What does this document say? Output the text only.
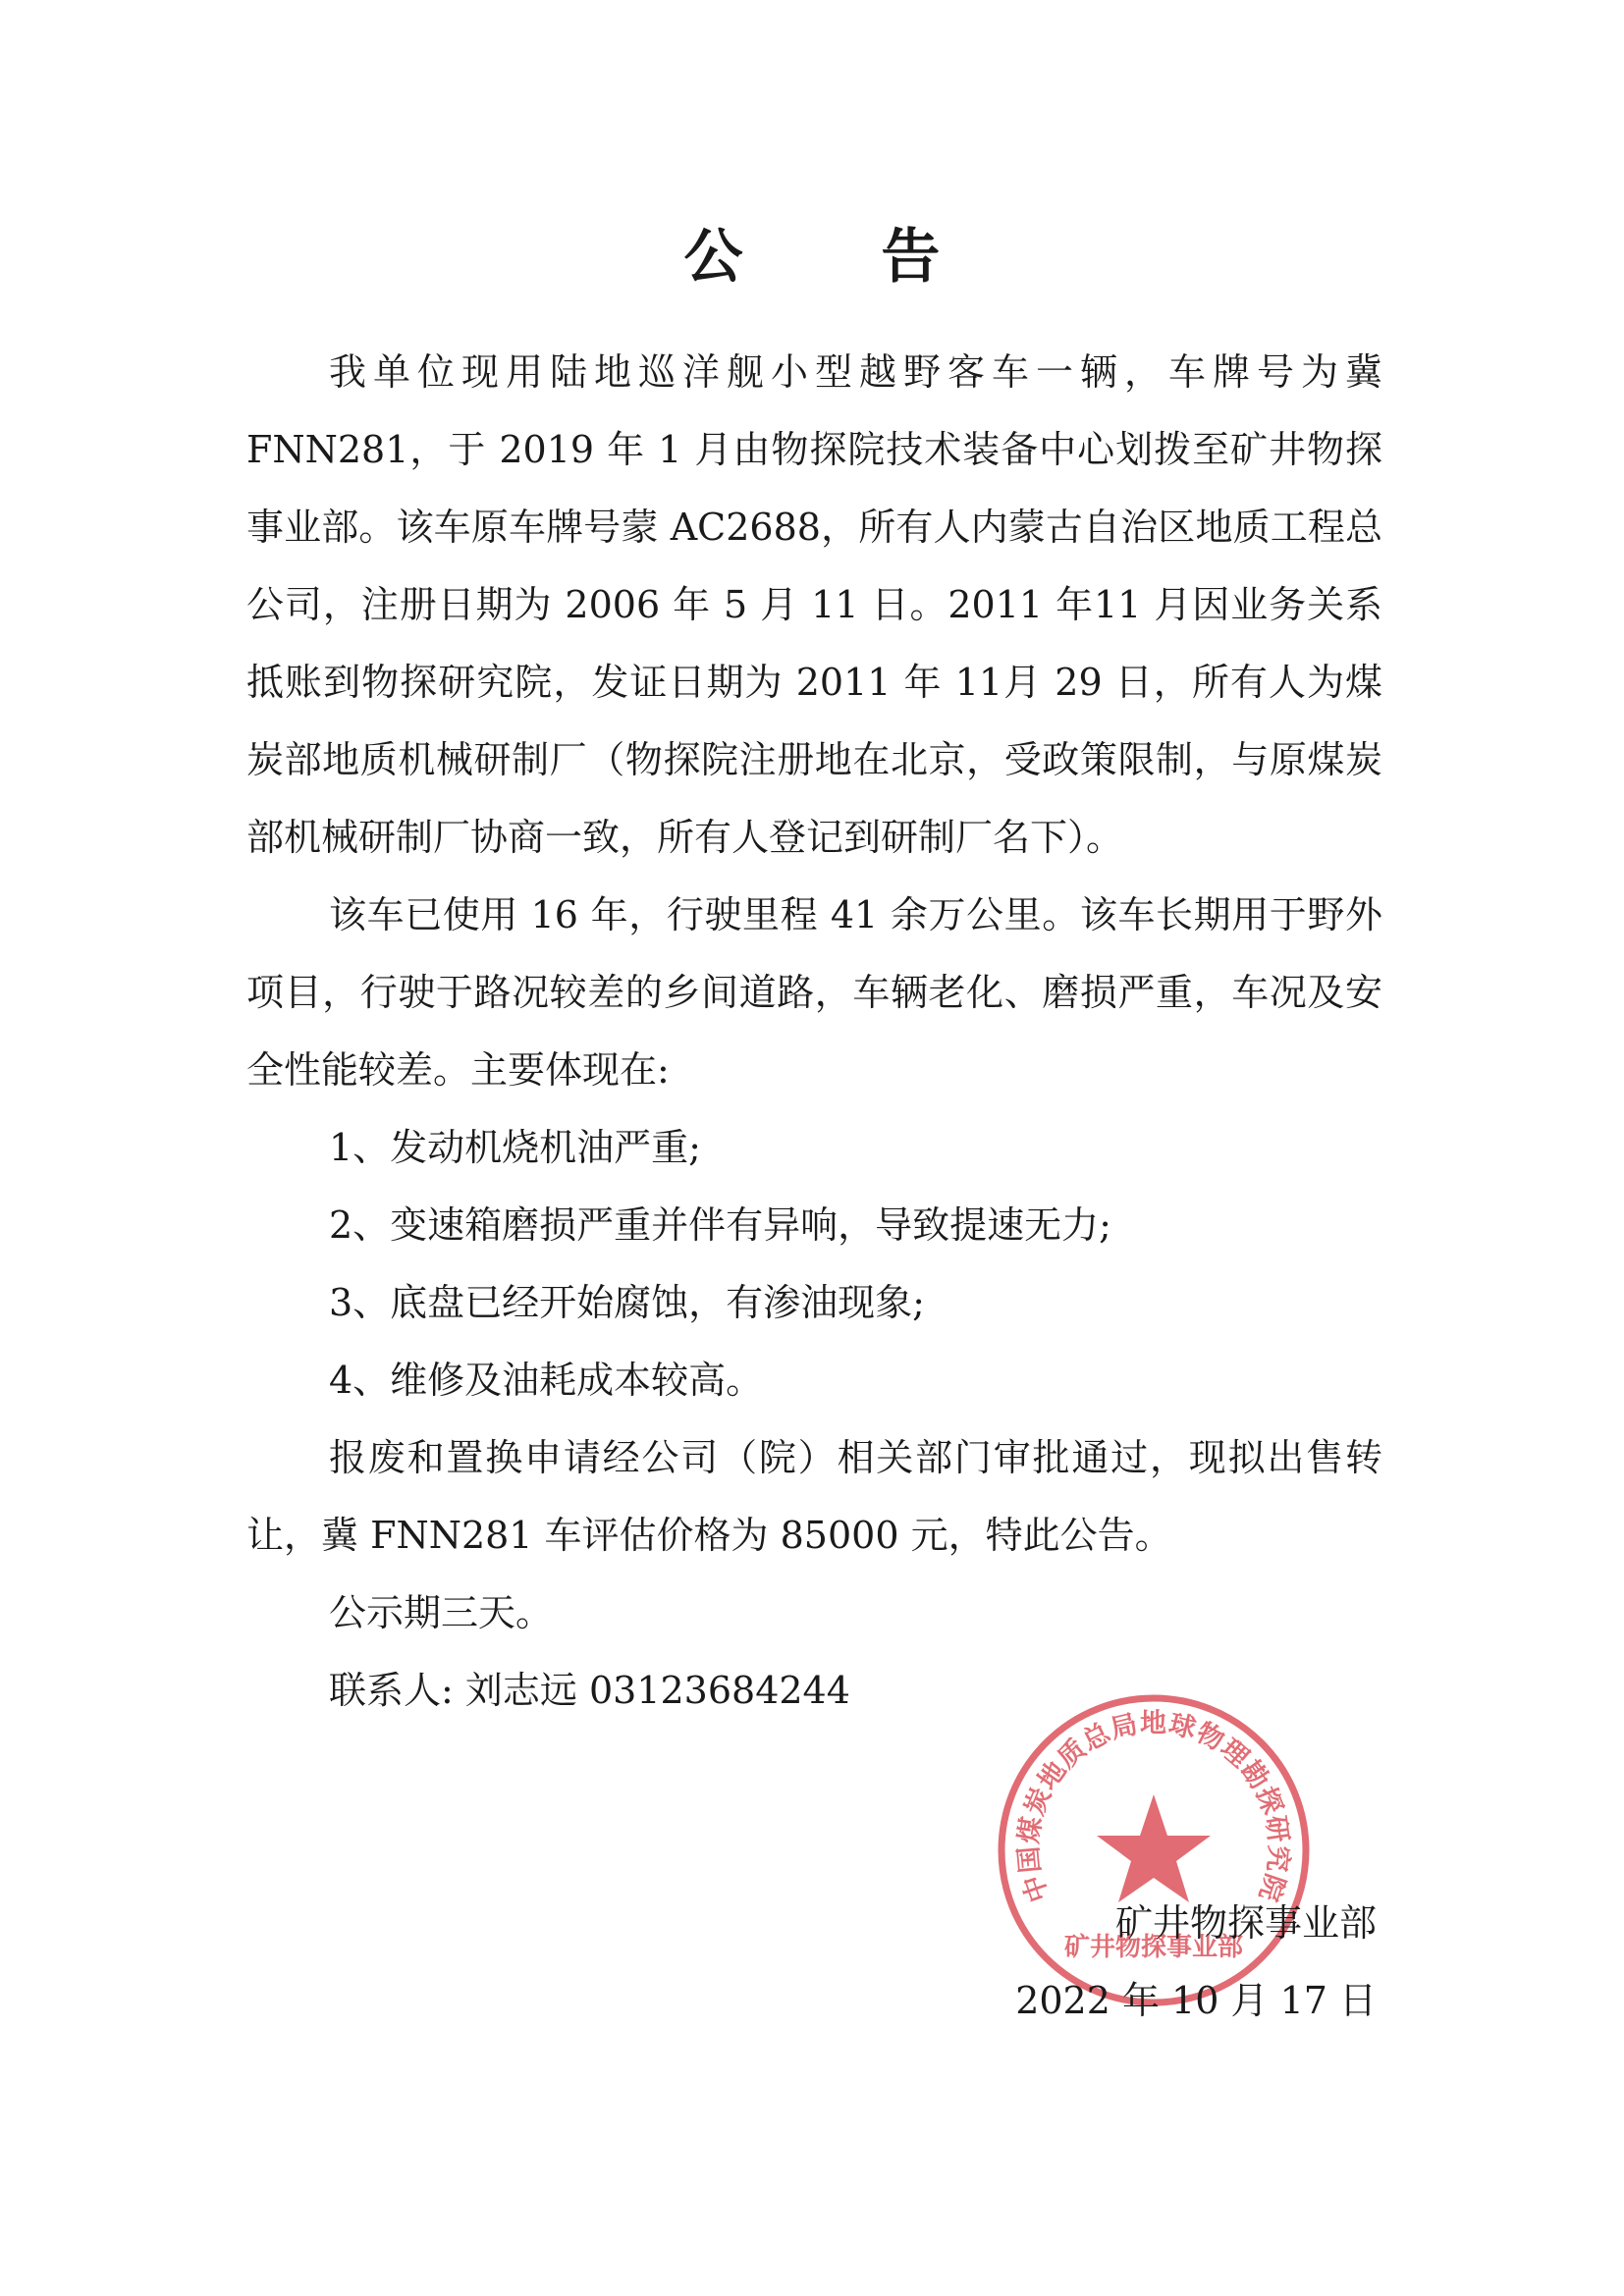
公 告

我单位现用陆地巡洋舰小型越野客车一辆，车牌号为冀FNN281，于 2019 年 1 月由物探院技术装备中心划拨至矿井物探事业部。该车原车牌号蒙 AC2688，所有人内蒙古自治区地质工程总公司，注册日期为 2006 年 5 月 11 日。2011 年11 月因业务关系抵账到物探研究院，发证日期为 2011 年 11月 29 日，所有人为煤炭部地质机械研制厂（物探院注册地在北京，受政策限制，与原煤炭部机械研制厂协商一致，所有人登记到研制厂名下）。

该车已使用 16 年，行驶里程 41 余万公里。该车长期用于野外项目，行驶于路况较差的乡间道路，车辆老化、磨损严重，车况及安全性能较差。主要体现在:

1、发动机烧机油严重;

2、变速箱磨损严重并伴有异响，导致提速无力;

3、底盘已经开始腐蚀，有渗油现象;

4、维修及油耗成本较高。

报废和置换申请经公司（院）相关部门审批通过，现拟出售转让，冀 FNN281 车评估价格为 85000 元，特此公告。

公示期三天。

联系人: 刘志远 03123684244

中国煤炭地质总局地球物理勘探研究院
矿井物探事业部
矿井物探事业部
2022 年 10 月 17 日
